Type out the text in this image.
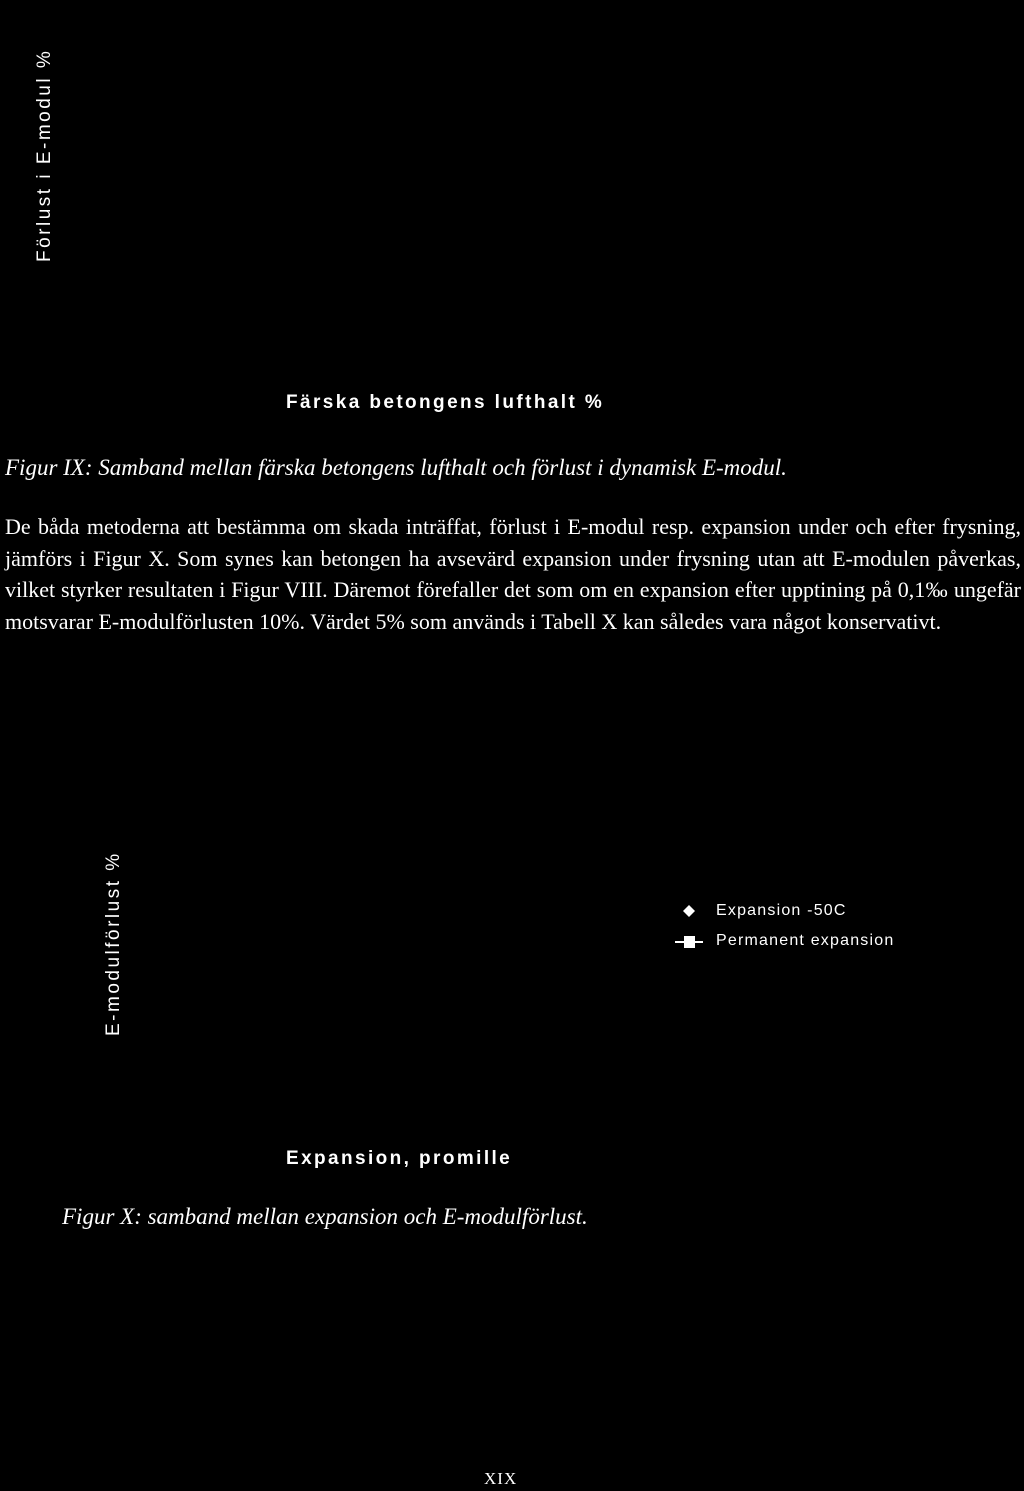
Förlust i E-modul %
Färska betongens lufthalt %
Figur IX: Samband mellan färska betongens lufthalt och förlust i dynamisk E-modul.
De båda metoderna att bestämma om skada inträffat, förlust i E-modul resp. expansion under och efter frysning, jämförs i Figur X. Som synes kan betongen ha avsevärd expansion under frysning utan att E-modulen påverkas, vilket styrker resultaten i Figur VIII. Däremot förefaller det som om en expansion efter upptining på 0,1‰ ungefär motsvarar E-modulförlusten 10%. Värdet 5% som används i Tabell X kan således vara något konservativt.
E-modulförlust %	Expansion -50C
Permanent expansion
Expansion, promille
Figur X: samband mellan expansion och E-modulförlust.
XIX
